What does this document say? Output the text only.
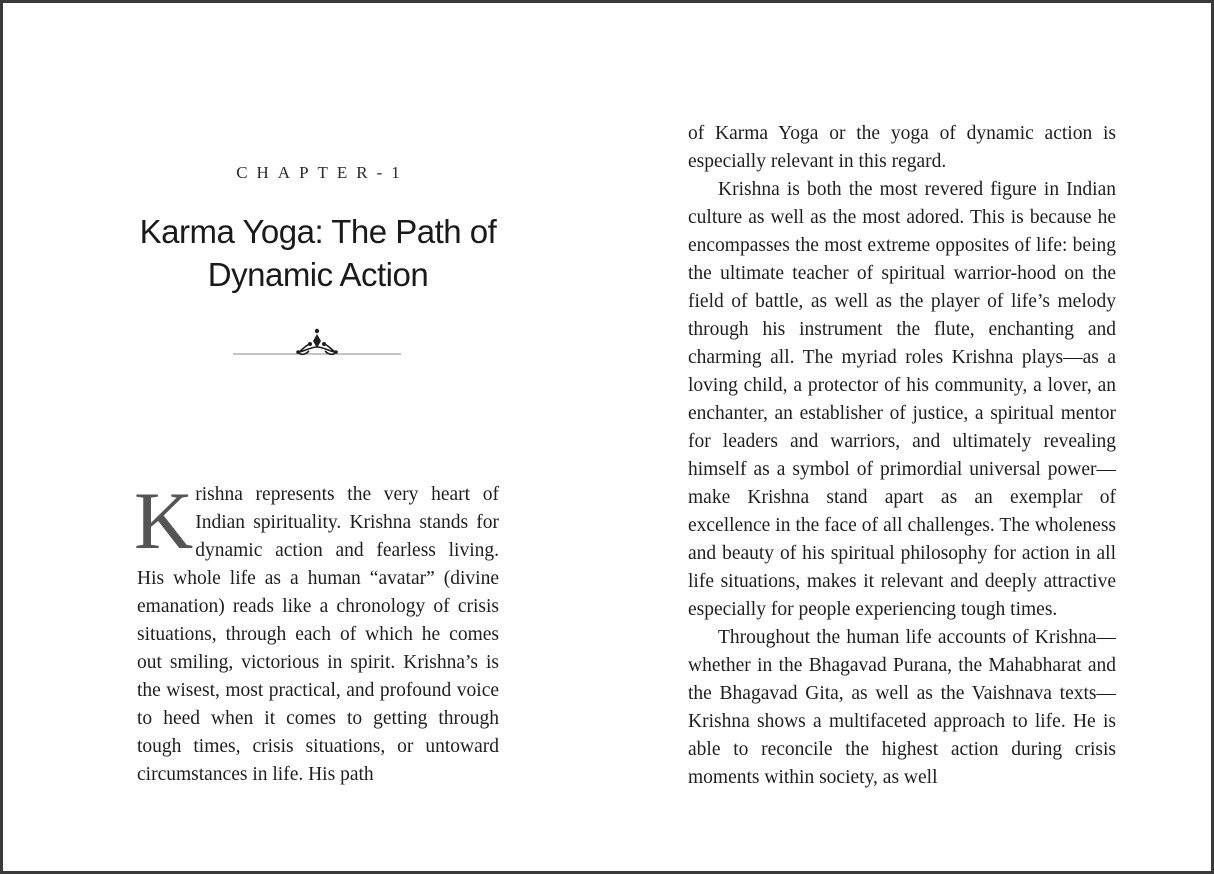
CHAPTER-1
Karma Yoga: The Path of
Dynamic Action
Krishna represents the very heart of Indian spirituality. Krishna stands for dynamic action and fearless living. His whole life as a human “avatar” (divine emanation) reads like a chronology of crisis situations, through each of which he comes out smiling, victorious in spirit. Krishna’s is the wisest, most practical, and profound voice to heed when it comes to getting through tough times, crisis situations, or untoward circumstances in life. His path

of Karma Yoga or the yoga of dynamic action is especially relevant in this regard.

Krishna is both the most revered figure in Indian culture as well as the most adored. This is because he encompasses the most extreme opposites of life: being the ultimate teacher of spiritual warrior-hood on the field of battle, as well as the player of life’s melody through his instrument the flute, enchanting and charming all. The myriad roles Krishna plays—as a loving child, a protector of his community, a lover, an enchanter, an establisher of justice, a spiritual mentor for leaders and warriors, and ultimately revealing himself as a symbol of primordial universal power—make Krishna stand apart as an exemplar of excellence in the face of all challenges. The wholeness and beauty of his spiritual philosophy for action in all life situations, makes it relevant and deeply attractive especially for people experiencing tough times.

Throughout the human life accounts of Krishna—whether in the Bhagavad Purana, the Mahabharat and the Bhagavad Gita, as well as the Vaishnava texts—Krishna shows a multifaceted approach to life. He is able to reconcile the highest action during crisis moments within society, as well
